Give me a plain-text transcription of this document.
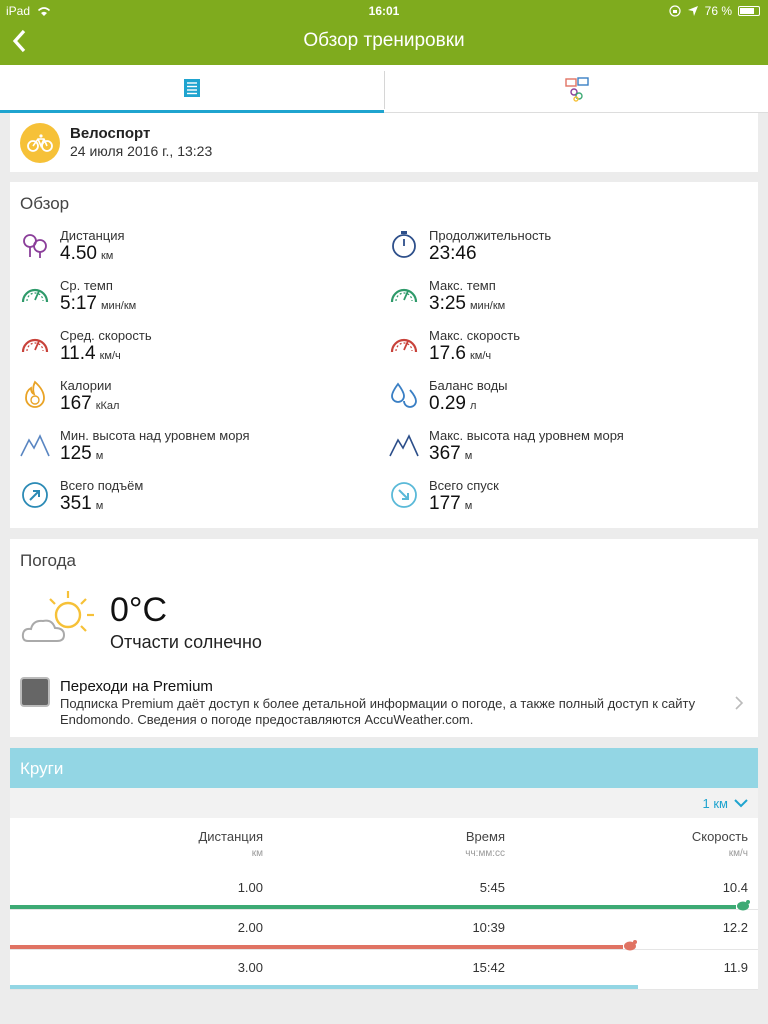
iPad	16:01	76 %
Обзор тренировки
Велоспорт
24 июля 2016 г., 13:23
Обзор
Дистанция
4.50 км
Продолжительность
23:46
Ср. темп
5:17 мин/км
Макс. темп
3:25 мин/км
Сред. скорость
11.4 км/ч
Макс. скорость
17.6 км/ч
Калории
167 кКал
Баланс воды
0.29 л
Мин. высота над уровнем моря
125 м
Макс. высота над уровнем моря
367 м
Всего подъём
351 м
Всего спуск
177 м
Погода
0°C
Отчасти солнечно
Переходи на Premium
Подписка Premium даёт доступ к более детальной информации о погоде, а также полный доступ к сайту Endomondo. Сведения о погоде предоставляются AccuWeather.com.
Круги
1 км
Дистанция
км
Время
чч:мм:сс
Скорость
км/ч
1.00	5:45	10.4
2.00	10:39	12.2
3.00	15:42	11.9
